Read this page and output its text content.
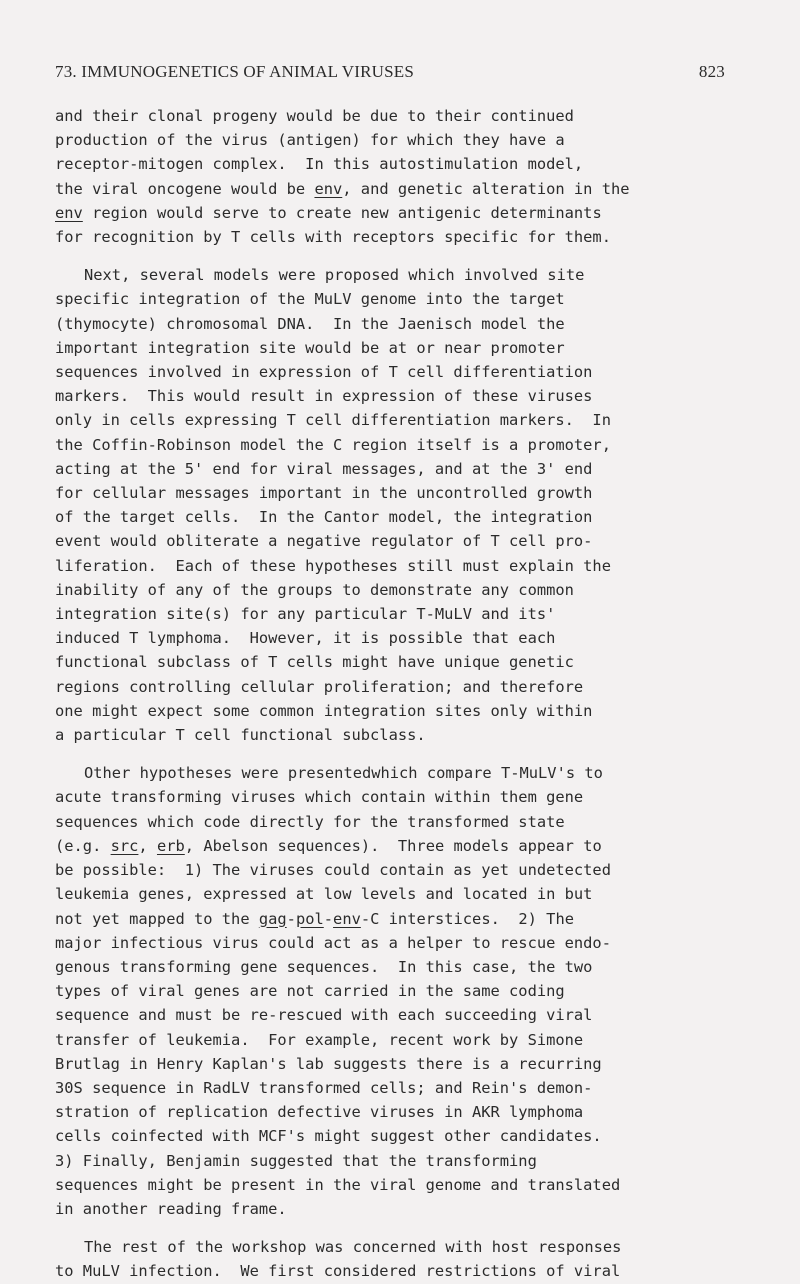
73. IMMUNOGENETICS OF ANIMAL VIRUSES	823
and their clonal progeny would be due to their continued
production of the virus (antigen) for which they have a
receptor-mitogen complex.  In this autostimulation model,
the viral oncogene would be env, and genetic alteration in the
env region would serve to create new antigenic determinants
for recognition by T cells with receptors specific for them.
Next, several models were proposed which involved site
specific integration of the MuLV genome into the target
(thymocyte) chromosomal DNA.  In the Jaenisch model the
important integration site would be at or near promoter
sequences involved in expression of T cell differentiation
markers.  This would result in expression of these viruses
only in cells expressing T cell differentiation markers.  In
the Coffin-Robinson model the C region itself is a promoter,
acting at the 5' end for viral messages, and at the 3' end
for cellular messages important in the uncontrolled growth
of the target cells.  In the Cantor model, the integration
event would obliterate a negative regulator of T cell pro-
liferation.  Each of these hypotheses still must explain the
inability of any of the groups to demonstrate any common
integration site(s) for any particular T-MuLV and its'
induced T lymphoma.  However, it is possible that each
functional subclass of T cells might have unique genetic
regions controlling cellular proliferation; and therefore
one might expect some common integration sites only within
a particular T cell functional subclass.
Other hypotheses were presentedwhich compare T-MuLV's to
acute transforming viruses which contain within them gene
sequences which code directly for the transformed state
(e.g. src, erb, Abelson sequences).  Three models appear to
be possible:  1) The viruses could contain as yet undetected
leukemia genes, expressed at low levels and located in but
not yet mapped to the gag-pol-env-C interstices.  2) The
major infectious virus could act as a helper to rescue endo-
genous transforming gene sequences.  In this case, the two
types of viral genes are not carried in the same coding
sequence and must be re-rescued with each succeeding viral
transfer of leukemia.  For example, recent work by Simone
Brutlag in Henry Kaplan's lab suggests there is a recurring
30S sequence in RadLV transformed cells; and Rein's demon-
stration of replication defective viruses in AKR lymphoma
cells coinfected with MCF's might suggest other candidates.
3) Finally, Benjamin suggested that the transforming
sequences might be present in the viral genome and translated
in another reading frame.
The rest of the workshop was concerned with host responses
to MuLV infection.  We first considered restrictions of viral
